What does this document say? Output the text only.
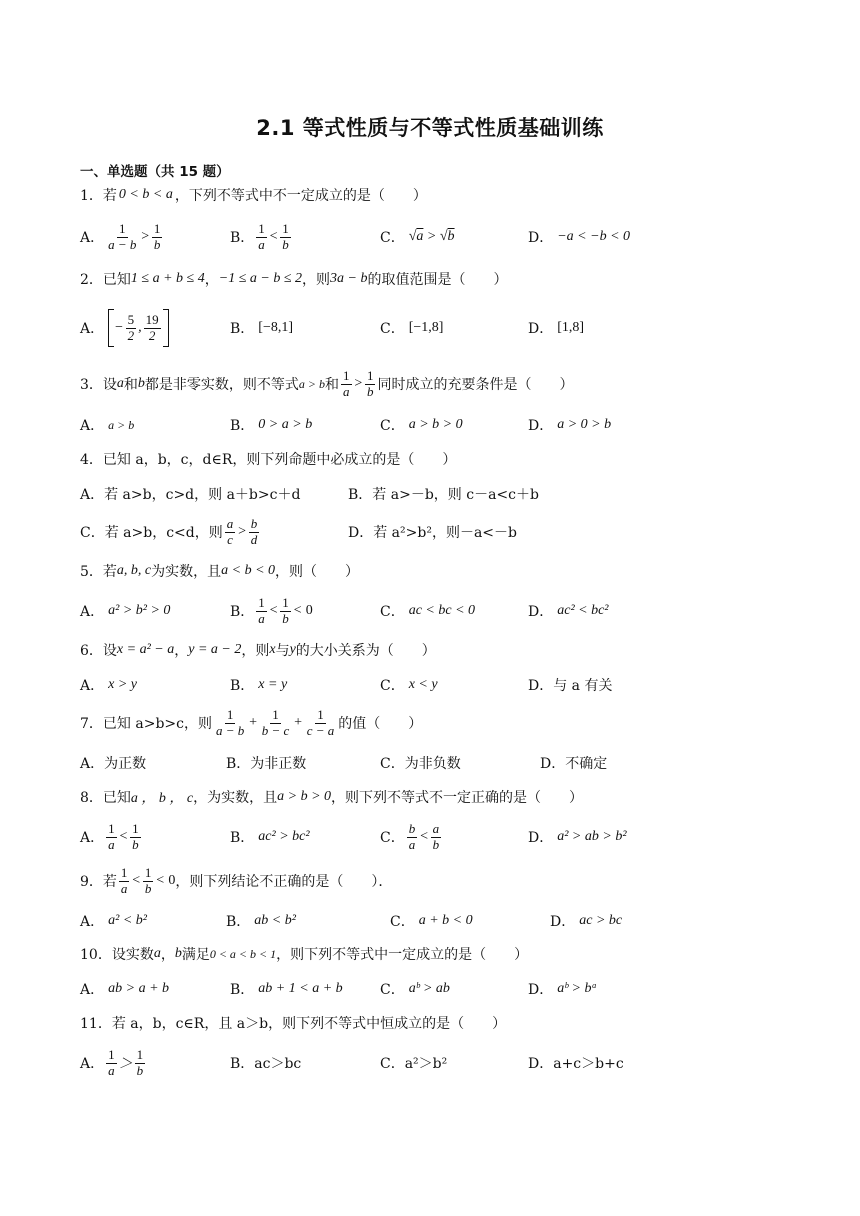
2.1 等式性质与不等式性质基础训练
一、单选题（共 15 题）
1． 若 0 < b < a ，下列不等式中不一定成立的是（　　）
A． $\frac{1}{a - b} > \frac{1}{b}$	B． $\frac{1}{a} < \frac{1}{b}$	C． √a > √b	D． −a < −b < 0
2． 已知 1 ≤ a + b ≤ 4 ， −1 ≤ a − b ≤ 2 ，则 3a − b 的取值范围是（　　）
A． − $\frac{5}{2}$ , $\frac{19}{2}$	B． [−8,1]	C． [−1,8]	D． [1,8]
3． 设 a 和 b 都是非零实数，则不等式 a > b 和 $\frac{1}{a} > \frac{1}{b}$ 同时成立的充要条件是（　　）
A． a > b	B． 0 > a > b	C． a > b > 0	D． a > 0 > b
4． 已知 a，b，c，d∈R，则下列命题中必成立的是（　　）
A．若 a>b，c>d，则 a＋b>c＋d	B．若 a>－b，则 c－a<c＋b
C．若 a>b，c<d，则 $\frac{a}{c} > \frac{b}{d}$	D．若 a²>b²，则－a<－b
5． 若 a, b, c 为实数，且 a < b < 0 ，则（　　）
A． a² > b² > 0	B． $\frac{1}{a} < \frac{1}{b} < 0$	C． ac < bc < 0	D． ac² < bc²
6． 设 x = a² − a ， y = a − 2 ，则 x 与 y 的大小关系为（　　）
A． x > y	B． x = y	C． x < y	D．与 a 有关
7． 已知 a>b>c，则 $\frac{1}{a - b} + \frac{1}{b - c} + \frac{1}{c - a}$ 的值（　　）
A．为正数	B．为非正数	C．为非负数	D．不确定
8． 已知 a ， b ， c ，为实数，且 a > b > 0 ，则下列不等式不一定正确的是（　　）
A． $\frac{1}{a} < \frac{1}{b}$	B． ac² > bc²	C． $\frac{b}{a} < \frac{a}{b}$	D． a² > ab > b²
9． 若 $\frac{1}{a} < \frac{1}{b} < 0$ ，则下列结论不正确的是（　　）．
A． a² < b²	B． ab < b²	C． a + b < 0	D． ac > bc
10． 设实数 a ， b 满足 0 < a < b < 1 ，则下列不等式中一定成立的是（　　）
A． ab > a + b	B． ab + 1 < a + b	C． aᵇ > ab	D． aᵇ > bᵃ
11． 若 a，b，c∈R，且 a＞b，则下列不等式中恒成立的是（　　）
A． $\frac{1}{a} > \frac{1}{b}$	B．ac＞bc	C．a²＞b²	D．a+c＞b+c
